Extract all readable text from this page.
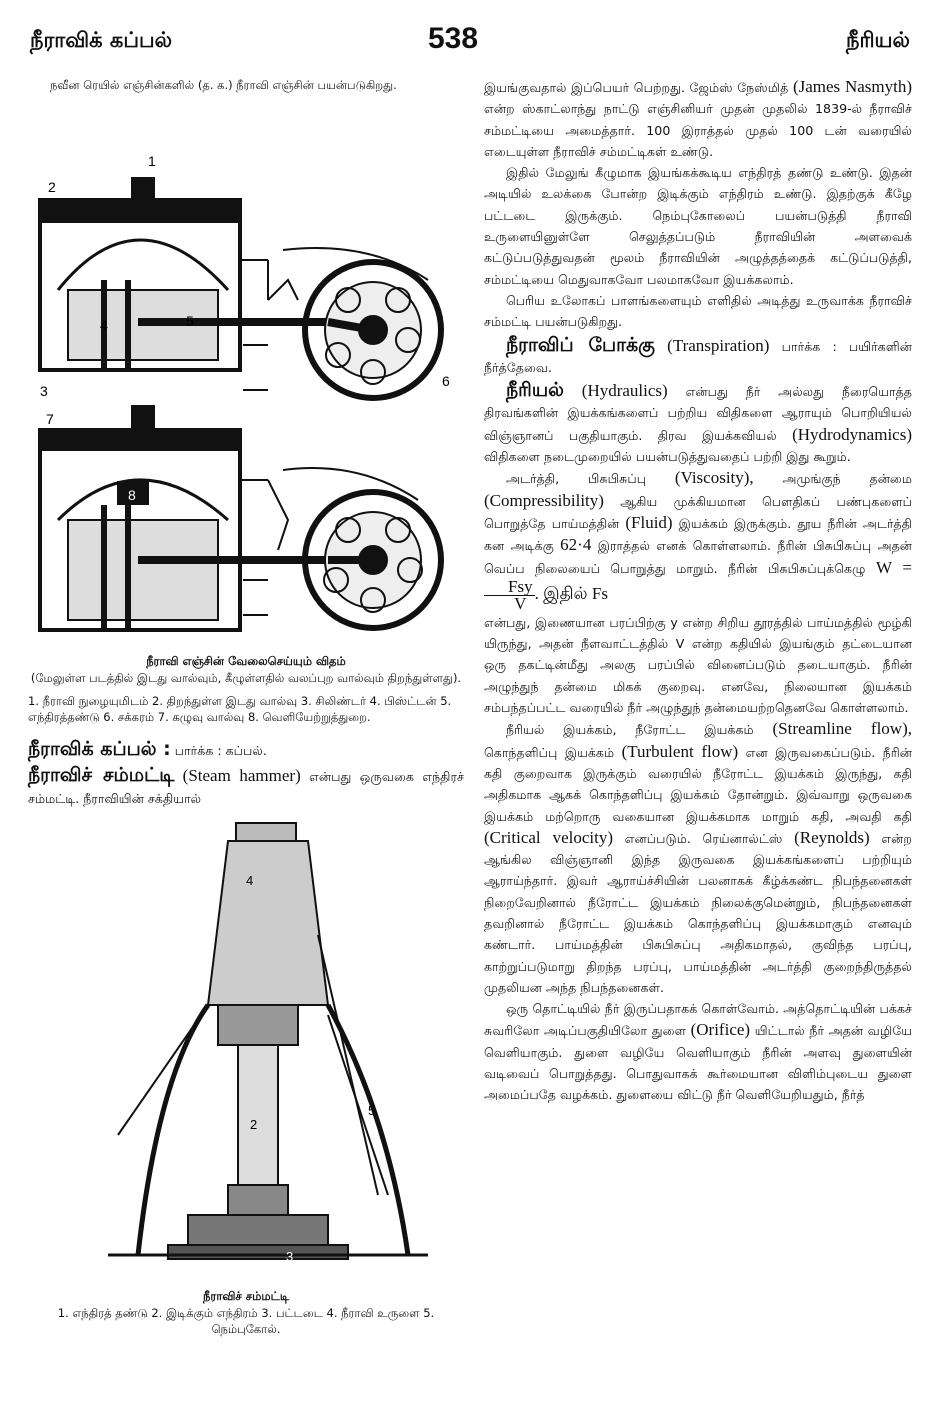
நீராவிக் கப்பல்	538	நீரியல்

நவீன ரெயில் எஞ்சின்களில் (த. க.) நீராவி எஞ்சின் பயன்படுகிறது.

1
2
4	5
3
6
7
8
நீராவி எஞ்சின் வேலைசெய்யும் விதம்
(மேலுள்ள படத்தில் இடது வால்வும், கீழுள்ளதில் வலப்புற வால்வும் திறந்துள்ளது).
1. நீராவி நுழையுமிடம் 2. திறந்துள்ள இடது வால்வு 3. சிலிண்டர் 4. பிஸ்ட்டன் 5. எந்திரத்தண்டு 6. சக்கரம் 7. கழுவு வால்வு 8. வெளியேற்றுத்துறை.

நீராவிக் கப்பல் : பார்க்க : கப்பல்.

நீராவிச் சம்மட்டி (Steam hammer) என்பது ஒருவகை எந்திரச் சம்மட்டி. நீராவியின் சக்தியால்

4
2
5
3
நீராவிச் சம்மட்டி
1. எந்திரத் தண்டு 2. இடிக்கும் எந்திரம் 3. பட்டடை 4. நீராவி உருளை 5. நெம்புகோல்.

இயங்குவதால் இப்பெயர் பெற்றது. ஜேம்ஸ் நேஸ்மித் (James Nasmyth) என்ற ஸ்காட்லாந்து நாட்டு எஞ்சினியர் முதன் முதலில் 1839-ல் நீராவிச் சம்மட்டியை அமைத்தார். 100 இராத்தல் முதல் 100 டன் வரையில் எடையுள்ள நீராவிச் சம்மட்டிகள் உண்டு.

இதில் மேலுங் கீழுமாக இயங்கக்கூடிய எந்திரத் தண்டு உண்டு. இதன் அடியில் உலக்கை போன்ற இடிக்கும் எந்திரம் உண்டு. இதற்குக் கீழே பட்டடை இருக்கும். நெம்புகோலைப் பயன்படுத்தி நீராவி உருளையினுள்ளே செலுத்தப்படும் நீராவியின் அளவைக் கட்டுப்படுத்துவதன் மூலம் நீராவியின் அழுத்தத்தைக் கட்டுப்படுத்தி, சம்மட்டியை மெதுவாகவோ பலமாகவோ இயக்கலாம்.

பெரிய உலோகப் பாளங்களையும் எளிதில் அடித்து உருவாக்க நீராவிச் சம்மட்டி பயன்படுகிறது.

நீராவிப் போக்கு (Transpiration) பார்க்க : பயிர்களின் நீர்த்தேவை.

நீரியல் (Hydraulics) என்பது நீர் அல்லது நீரையொத்த திரவங்களின் இயக்கங்களைப் பற்றிய விதிகளை ஆராயும் பொறியியல் விஞ்ஞானப் பகுதியாகும். திரவ இயக்கவியல் (Hydrodynamics) விதிகளை நடைமுறையில் பயன்படுத்துவதைப் பற்றி இது கூறும்.

அடர்த்தி, பிசுபிசுப்பு (Viscosity), அமுங்குந் தன்மை (Compressibility) ஆகிய முக்கியமான பௌதிகப் பண்புகளைப் பொறுத்தே பாய்மத்தின் (Fluid) இயக்கம் இருக்கும். தூய நீரின் அடர்த்தி கன அடிக்கு 62·4 இராத்தல் எனக் கொள்ளலாம். நீரின் பிசுபிசுப்பு அதன் வெப்ப நிலையைப் பொறுத்து மாறும். நீரின் பிசுபிசுப்புக்கெழு W =
$\frac{\text{Fsy}}{V}$ . இதில் Fs

என்பது, இணையான பரப்பிற்கு y என்ற சிறிய தூரத்தில் பாய்மத்தில் மூழ்கி யிருந்து, அதன் நீளவாட்டத்தில் V என்ற கதியில் இயங்கும் தட்டையான ஒரு தகட்டின்மீது அலகு பரப்பில் வினைப்படும் தடையாகும். நீரின் அழுந்துந் தன்மை மிகக் குறைவு. எனவே, நிலையான இயக்கம் சம்பந்தப்பட்ட வரையில் நீர் அழுந்துந் தன்மையற்றதெனவே கொள்ளலாம்.

நீரியல் இயக்கம், நீரோட்ட இயக்கம் (Streamline flow), கொந்தளிப்பு இயக்கம் (Turbulent flow) என இருவகைப்படும். நீரின் கதி குறைவாக இருக்கும் வரையில் நீரோட்ட இயக்கம் இருந்து, கதி அதிகமாக ஆகக் கொந்தளிப்பு இயக்கம் தோன்றும். இவ்வாறு ஒருவகை இயக்கம் மற்றொரு வகையான இயக்கமாக மாறும் கதி, அவதி கதி (Critical velocity) எனப்படும். ரெய்னால்ட்ஸ் (Reynolds) என்ற ஆங்கில விஞ்ஞானி இந்த இருவகை இயக்கங்களைப் பற்றியும் ஆராய்ந்தார். இவர் ஆராய்ச்சியின் பலனாகக் கீழ்க்கண்ட நிபந்தனைகள் நிறைவேறினால் நீரோட்ட இயக்கம் நிலைக்குமென்றும், நிபந்தனைகள் தவறினால் நீரோட்ட இயக்கம் கொந்தளிப்பு இயக்கமாகும் எனவும் கண்டார். பாய்மத்தின் பிசுபிசுப்பு அதிகமாதல், குவிந்த பரப்பு, காற்றுப்படுமாறு திறந்த பரப்பு, பாய்மத்தின் அடர்த்தி குறைந்திருத்தல் முதலியன அந்த நிபந்தனைகள்.

ஒரு தொட்டியில் நீர் இருப்பதாகக் கொள்வோம். அத்தொட்டியின் பக்கச் சுவரிலோ அடிப்பகுதியிலோ துளை (Orifice) யிட்டால் நீர் அதன் வழியே வெளியாகும். துளை வழியே வெளியாகும் நீரின் அளவு துளையின் வடிவைப் பொறுத்தது. பொதுவாகக் கூர்மையான விளிம்புடைய துளை அமைப்பதே வழக்கம். துளையை விட்டு நீர் வெளியேறியதும், நீர்த்
